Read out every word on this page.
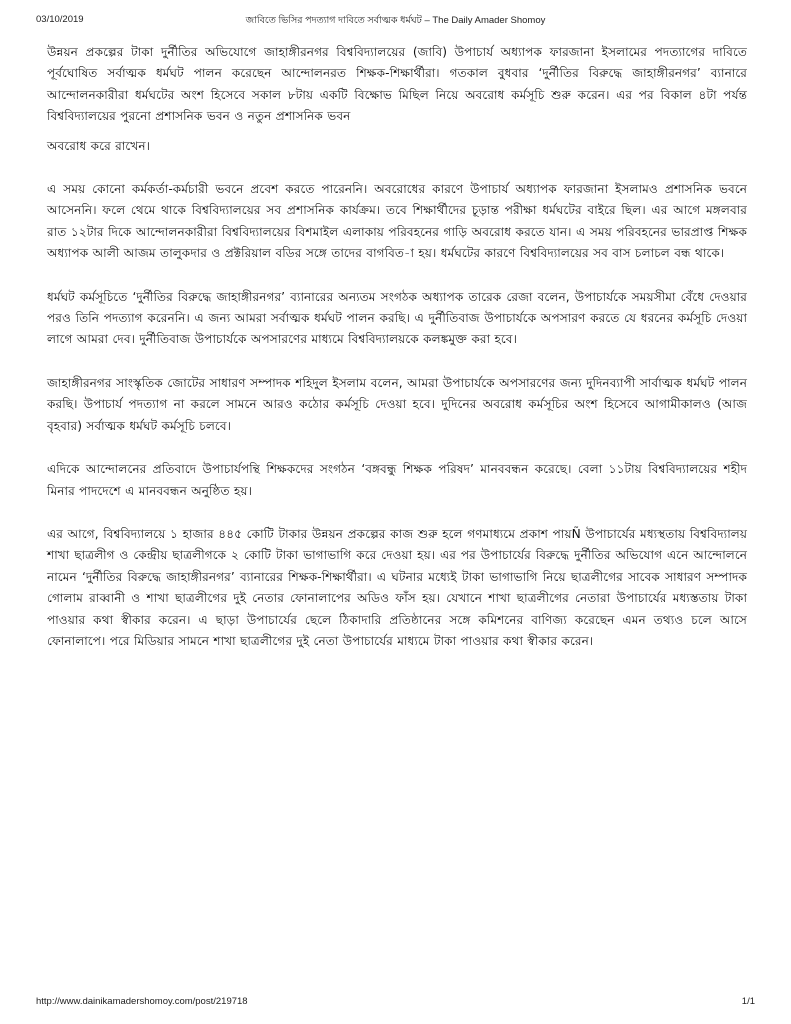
03/10/2019	জাবিতে ভিসির পদত্যাগ দাবিতে সর্বাত্মক ধর্মঘট – The Daily Amader Shomoy

উন্নয়ন প্রকল্পের টাকা দুর্নীতির অভিযোগে জাহাঙ্গীরনগর বিশ্ববিদ্যালয়ের (জাবি) উপাচার্য অধ্যাপক ফারজানা ইসলামের পদত্যাগের দাবিতে পূর্বঘোষিত সর্বাত্মক ধর্মঘট পালন করেছেন আন্দোলনরত শিক্ষক-শিক্ষার্থীরা। গতকাল বুধবার ‘দুর্নীতির বিরুদ্ধে জাহাঙ্গীরনগর’ ব্যানারে আন্দোলনকারীরা ধর্মঘটের অংশ হিসেবে সকাল ৮টায় একটি বিক্ষোভ মিছিল নিয়ে অবরোধ কর্মসূচি শুরু করেন। এর পর বিকাল ৪টা পর্যন্ত বিশ্ববিদ্যালয়ের পুরনো প্রশাসনিক ভবন ও নতুন প্রশাসনিক ভবন

অবরোধ করে রাখেন।

এ সময় কোনো কর্মকর্তা-কর্মচারী ভবনে প্রবেশ করতে পারেননি। অবরোধের কারণে উপাচার্য অধ্যাপক ফারজানা ইসলামও প্রশাসনিক ভবনে আসেননি। ফলে থেমে থাকে বিশ্ববিদ্যালয়ের সব প্রশাসনিক কার্যক্রম। তবে শিক্ষার্থীদের চূড়ান্ত পরীক্ষা ধর্মঘটের বাইরে ছিল। এর আগে মঙ্গলবার রাত ১২টার দিকে আন্দোলনকারীরা বিশ্ববিদ্যালয়ের বিশমাইল এলাকায় পরিবহনের গাড়ি অবরোধ করতে যান। এ সময় পরিবহনের ভারপ্রাপ্ত শিক্ষক অধ্যাপক আলী আজম তালুকদার ও প্রক্টরিয়াল বডির সঙ্গে তাদের বাগবিত-া হয়। ধর্মঘটের কারণে বিশ্ববিদ্যালয়ের সব বাস চলাচল বন্ধ থাকে।

ধর্মঘট কর্মসূচিতে ‘দুর্নীতির বিরুদ্ধে জাহাঙ্গীরনগর’ ব্যানারের অন্যতম সংগঠক অধ্যাপক তারেক রেজা বলেন, উপাচার্যকে সময়সীমা বেঁধে দেওয়ার পরও তিনি পদত্যাগ করেননি। এ জন্য আমরা সর্বাত্মক ধর্মঘট পালন করছি। এ দুর্নীতিবাজ উপাচার্যকে অপসারণ করতে যে ধরনের কর্মসূচি দেওয়া লাগে আমরা দেব। দুর্নীতিবাজ উপাচার্যকে অপসারণের মাধ্যমে বিশ্ববিদ্যালয়কে কলঙ্কমুক্ত করা হবে।

জাহাঙ্গীরনগর সাংস্কৃতিক জোটের সাধারণ সম্পাদক শহিদুল ইসলাম বলেন, আমরা উপাচার্যকে অপসারণের জন্য দুদিনব্যাপী সার্বাত্মক ধর্মঘট পালন করছি। উপাচার্য পদত্যাগ না করলে সামনে আরও কঠোর কর্মসূচি দেওয়া হবে। দুদিনের অবরোধ কর্মসূচির অংশ হিসেবে আগামীকালও (আজ বৃহবার) সর্বাত্মক ধর্মঘট কর্মসূচি চলবে।

এদিকে আন্দোলনের প্রতিবাদে উপাচার্যপন্থি শিক্ষকদের সংগঠন ‘বঙ্গবন্ধু শিক্ষক পরিষদ’ মানববন্ধন করেছে। বেলা ১১টায় বিশ্ববিদ্যালয়ের শহীদ মিনার পাদদেশে এ মানববন্ধন অনুষ্ঠিত হয়।

এর আগে, বিশ্ববিদ্যালয়ে ১ হাজার ৪৪৫ কোটি টাকার উন্নয়ন প্রকল্পের কাজ শুরু হলে গণমাধ্যমে প্রকাশ পায়Ñ উপাচার্যের মধ্যস্থতায় বিশ্ববিদ্যালয় শাখা ছাত্রলীগ ও কেন্দ্রীয় ছাত্রলীগকে ২ কোটি টাকা ভাগাভাগি করে দেওয়া হয়। এর পর উপাচার্যের বিরুদ্ধে দুর্নীতির অভিযোগ এনে আন্দোলনে নামেন ‘দুর্নীতির বিরুদ্ধে জাহাঙ্গীরনগর’ ব্যানারের শিক্ষক-শিক্ষার্থীরা। এ ঘটনার মধ্যেই টাকা ভাগাভাগি নিয়ে ছাত্রলীগের সাবেক সাধারণ সম্পাদক গোলাম রাব্বানী ও শাখা ছাত্রলীগের দুই নেতার ফোনালাপের অডিও ফাঁস হয়। যেখানে শাখা ছাত্রলীগের নেতারা উপাচার্যের মধ্যস্ততায় টাকা পাওয়ার কথা স্বীকার করেন। এ ছাড়া উপাচার্যের ছেলে ঠিকাদারি প্রতিষ্ঠানের সঙ্গে কমিশনের বাণিজ্য করেছেন এমন তথ্যও চলে আসে ফোনালাপে। পরে মিডিয়ার সামনে শাখা ছাত্রলীগের দুই নেতা উপাচার্যের মাধ্যমে টাকা পাওয়ার কথা স্বীকার করেন।

http://www.dainikamadershomoy.com/post/219718	1/1
